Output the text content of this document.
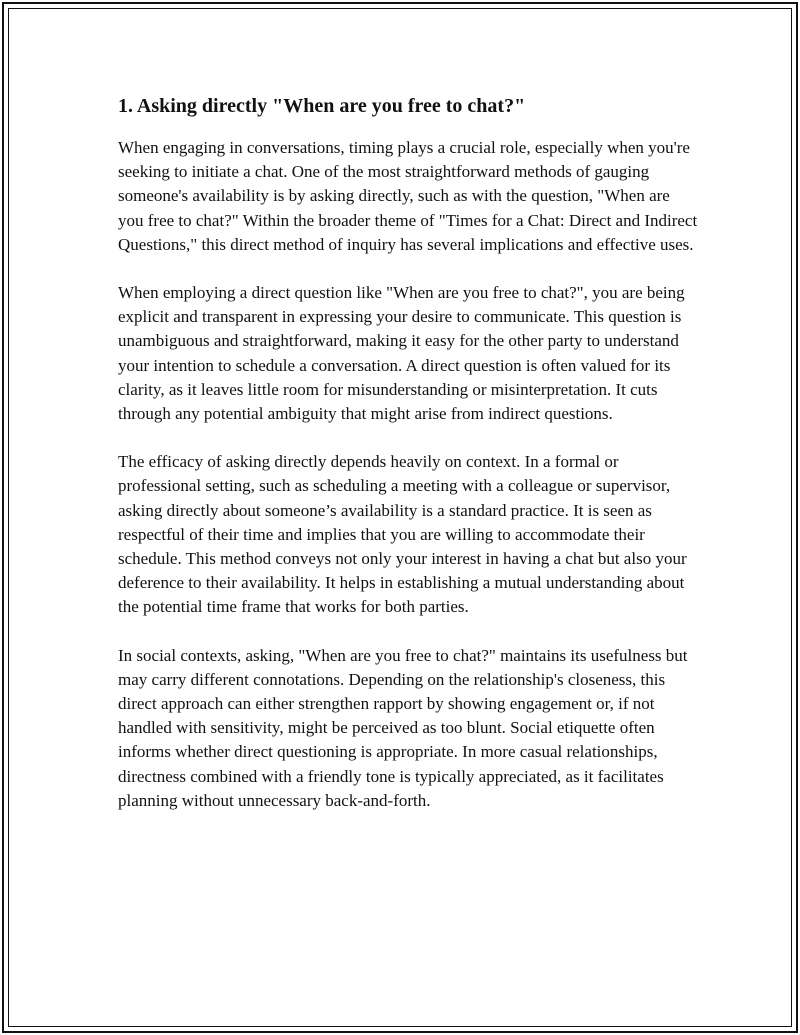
1. Asking directly "When are you free to chat?"

When engaging in conversations, timing plays a crucial role, especially when you're seeking to initiate a chat. One of the most straightforward methods of gauging someone's availability is by asking directly, such as with the question, "When are you free to chat?" Within the broader theme of "Times for a Chat: Direct and Indirect Questions," this direct method of inquiry has several implications and effective uses.

When employing a direct question like "When are you free to chat?", you are being explicit and transparent in expressing your desire to communicate. This question is unambiguous and straightforward, making it easy for the other party to understand your intention to schedule a conversation. A direct question is often valued for its clarity, as it leaves little room for misunderstanding or misinterpretation. It cuts through any potential ambiguity that might arise from indirect questions.

The efficacy of asking directly depends heavily on context. In a formal or professional setting, such as scheduling a meeting with a colleague or supervisor, asking directly about someone’s availability is a standard practice. It is seen as respectful of their time and implies that you are willing to accommodate their schedule. This method conveys not only your interest in having a chat but also your deference to their availability. It helps in establishing a mutual understanding about the potential time frame that works for both parties.

In social contexts, asking, "When are you free to chat?" maintains its usefulness but may carry different connotations. Depending on the relationship's closeness, this direct approach can either strengthen rapport by showing engagement or, if not handled with sensitivity, might be perceived as too blunt. Social etiquette often informs whether direct questioning is appropriate. In more casual relationships, directness combined with a friendly tone is typically appreciated, as it facilitates planning without unnecessary back-and-forth.
